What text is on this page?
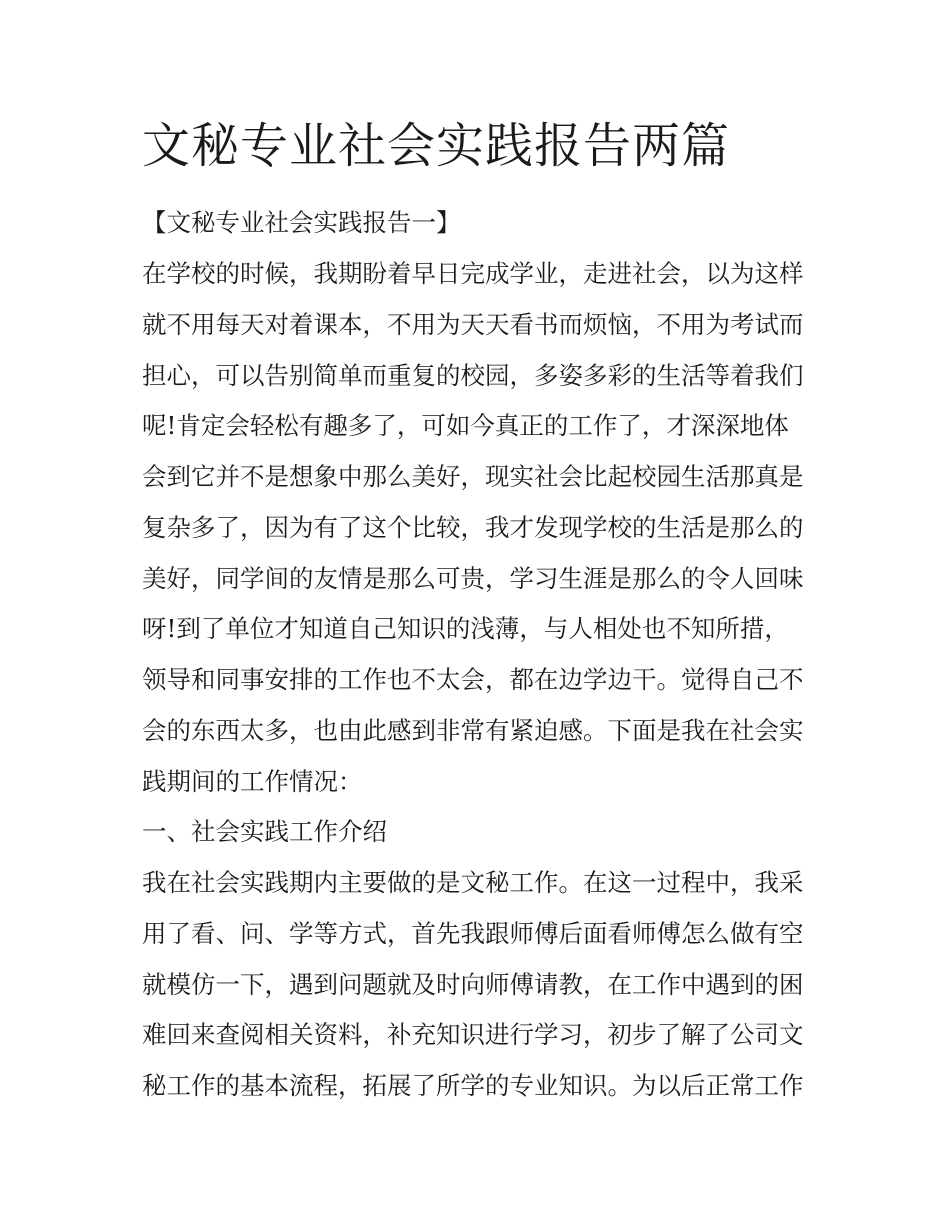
文秘专业社会实践报告两篇

【文秘专业社会实践报告一】

在学校的时候，我期盼着早日完成学业，走进社会，以为这样

就不用每天对着课本，不用为天天看书而烦恼，不用为考试而

担心，可以告别简单而重复的校园，多姿多彩的生活等着我们

呢!肯定会轻松有趣多了，可如今真正的工作了，才深深地体

会到它并不是想象中那么美好，现实社会比起校园生活那真是

复杂多了，因为有了这个比较，我才发现学校的生活是那么的

美好，同学间的友情是那么可贵，学习生涯是那么的令人回味

呀!到了单位才知道自己知识的浅薄，与人相处也不知所措，

领导和同事安排的工作也不太会，都在边学边干。觉得自己不

会的东西太多，也由此感到非常有紧迫感。下面是我在社会实

践期间的工作情况：

一、社会实践工作介绍

我在社会实践期内主要做的是文秘工作。在这一过程中，我采

用了看、问、学等方式，首先我跟师傅后面看师傅怎么做有空

就模仿一下，遇到问题就及时向师傅请教，在工作中遇到的困

难回来查阅相关资料，补充知识进行学习，初步了解了公司文

秘工作的基本流程，拓展了所学的专业知识。为以后正常工作
